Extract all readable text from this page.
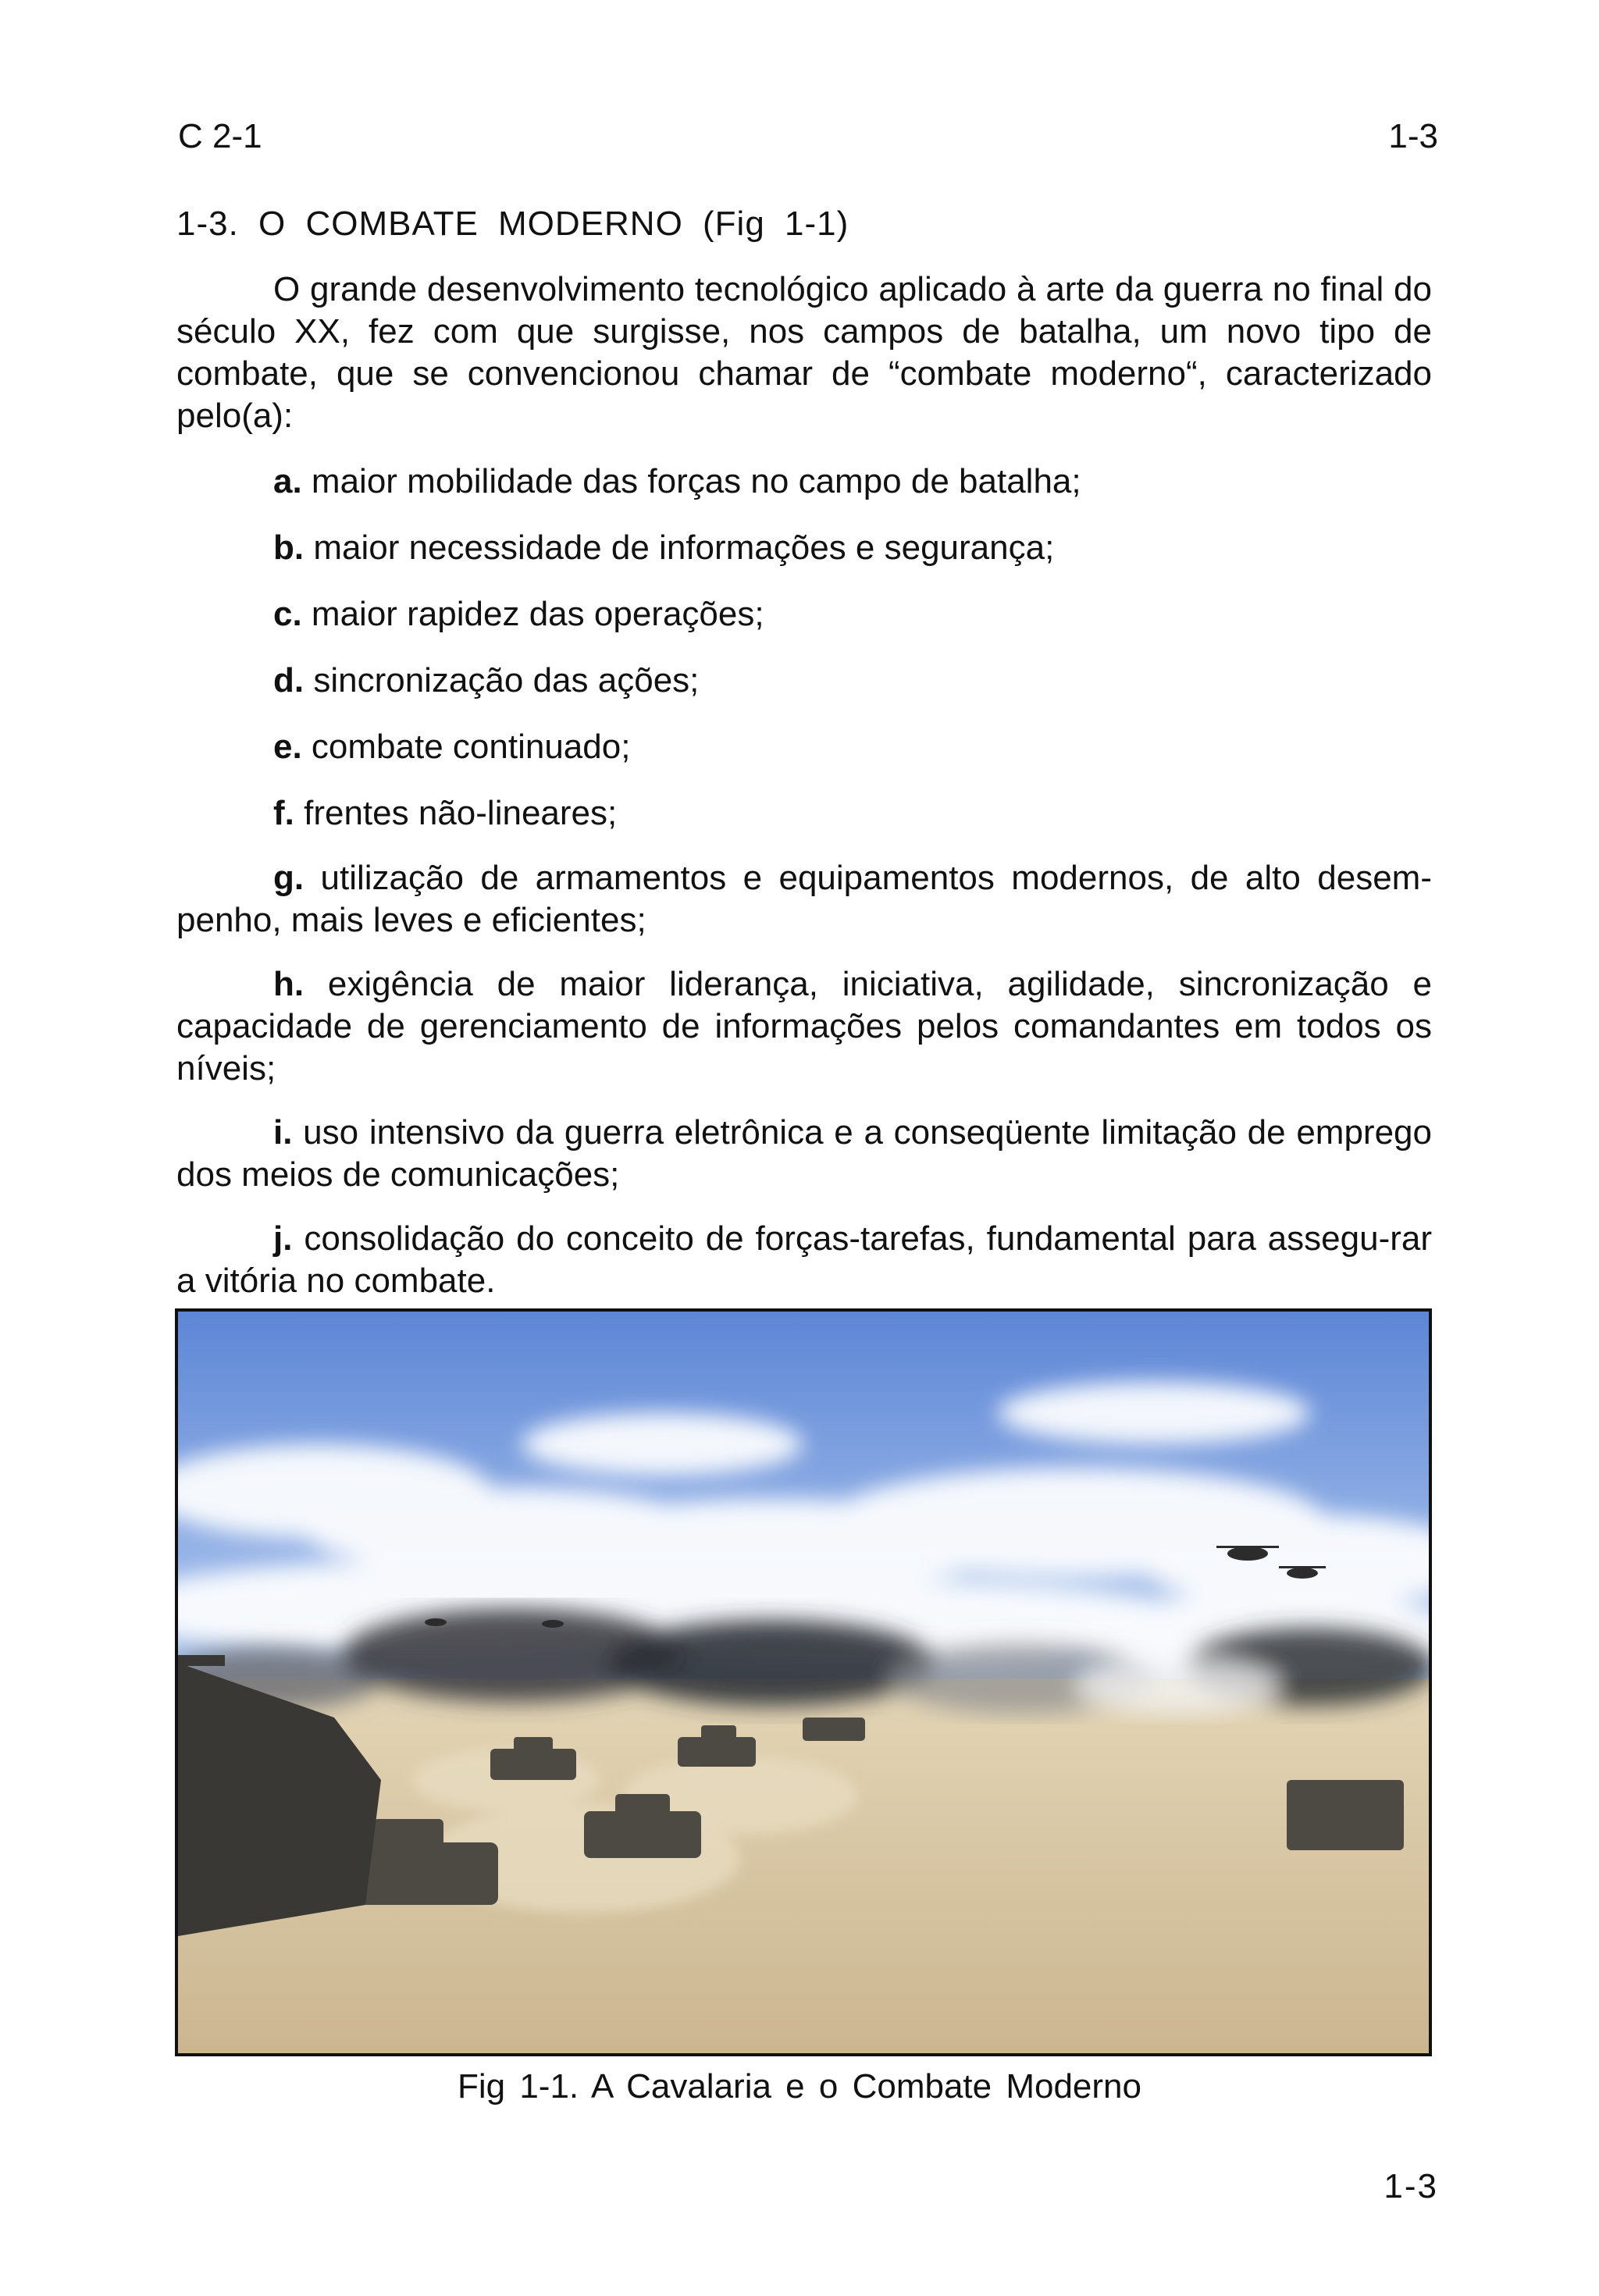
C 2-1	1-3
1-3. O COMBATE MODERNO (Fig 1-1)

O grande desenvolvimento tecnológico aplicado à arte da guerra no final do século XX, fez com que surgisse, nos campos de batalha, um novo tipo de combate, que se convencionou chamar de “combate moderno“, caracterizado pelo(a):

a. maior mobilidade das forças no campo de batalha;

b. maior necessidade de informações e segurança;

c. maior rapidez das operações;

d. sincronização das ações;

e. combate continuado;

f. frentes não-lineares;

g. utilização de armamentos e equipamentos modernos, de alto desem-penho, mais leves e eficientes;

h. exigência de maior liderança, iniciativa, agilidade, sincronização e capacidade de gerenciamento de informações pelos comandantes em todos os níveis;

i. uso intensivo da guerra eletrônica e a conseqüente limitação de emprego dos meios de comunicações;

j. consolidação do conceito de forças-tarefas, fundamental para assegu-rar a vitória no combate.

Fig 1-1. A Cavalaria e o Combate Moderno
1-3
